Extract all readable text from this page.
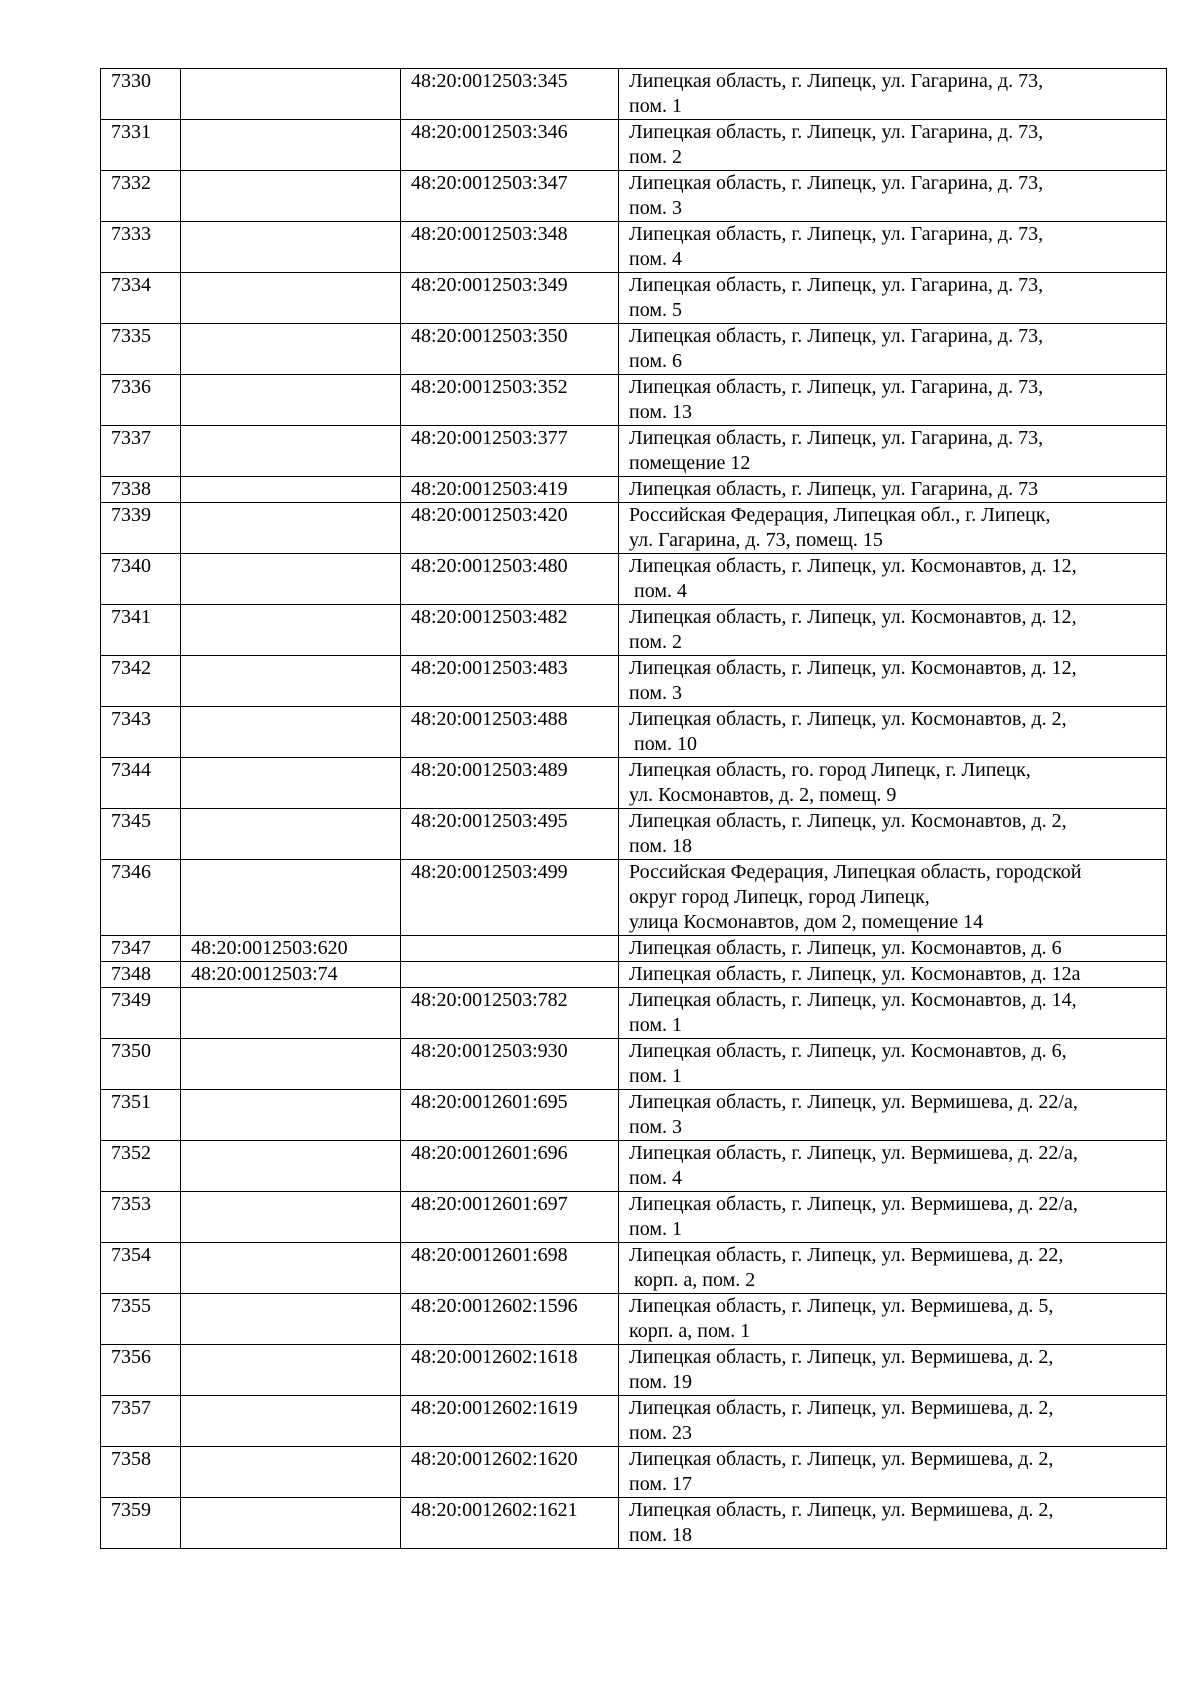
7330		48:20:0012503:345	Липецкая область, г. Липецк, ул. Гагарина, д. 73,
пом. 1

7331		48:20:0012503:346	Липецкая область, г. Липецк, ул. Гагарина, д. 73,
пом. 2

7332		48:20:0012503:347	Липецкая область, г. Липецк, ул. Гагарина, д. 73,
пом. 3

7333		48:20:0012503:348	Липецкая область, г. Липецк, ул. Гагарина, д. 73,
пом. 4

7334		48:20:0012503:349	Липецкая область, г. Липецк, ул. Гагарина, д. 73,
пом. 5

7335		48:20:0012503:350	Липецкая область, г. Липецк, ул. Гагарина, д. 73,
пом. 6

7336		48:20:0012503:352	Липецкая область, г. Липецк, ул. Гагарина, д. 73,
пом. 13

7337		48:20:0012503:377	Липецкая область, г. Липецк, ул. Гагарина, д. 73,
помещение 12

7338		48:20:0012503:419	Липецкая область, г. Липецк, ул. Гагарина, д. 73

7339		48:20:0012503:420	Российская Федерация, Липецкая обл., г. Липецк,
ул. Гагарина, д. 73, помещ. 15

7340		48:20:0012503:480	Липецкая область, г. Липецк, ул. Космонавтов, д. 12,
пом. 4

7341		48:20:0012503:482	Липецкая область, г. Липецк, ул. Космонавтов, д. 12,
пом. 2

7342		48:20:0012503:483	Липецкая область, г. Липецк, ул. Космонавтов, д. 12,
пом. 3

7343		48:20:0012503:488	Липецкая область, г. Липецк, ул. Космонавтов, д. 2,
пом. 10

7344		48:20:0012503:489	Липецкая область, го. город Липецк, г. Липецк,
ул. Космонавтов, д. 2, помещ. 9

7345		48:20:0012503:495	Липецкая область, г. Липецк, ул. Космонавтов, д. 2,
пом. 18

7346		48:20:0012503:499	Российская Федерация, Липецкая область, городской
округ город Липецк, город Липецк,
улица Космонавтов, дом 2, помещение 14

7347	48:20:0012503:620		Липецкая область, г. Липецк, ул. Космонавтов, д. 6

7348	48:20:0012503:74		Липецкая область, г. Липецк, ул. Космонавтов, д. 12а

7349		48:20:0012503:782	Липецкая область, г. Липецк, ул. Космонавтов, д. 14,
пом. 1

7350		48:20:0012503:930	Липецкая область, г. Липецк, ул. Космонавтов, д. 6,
пом. 1

7351		48:20:0012601:695	Липецкая область, г. Липецк, ул. Вермишева, д. 22/а,
пом. 3

7352		48:20:0012601:696	Липецкая область, г. Липецк, ул. Вермишева, д. 22/а,
пом. 4

7353		48:20:0012601:697	Липецкая область, г. Липецк, ул. Вермишева, д. 22/а,
пом. 1

7354		48:20:0012601:698	Липецкая область, г. Липецк, ул. Вермишева, д. 22,
корп. а, пом. 2

7355		48:20:0012602:1596	Липецкая область, г. Липецк, ул. Вермишева, д. 5,
корп. а, пом. 1

7356		48:20:0012602:1618	Липецкая область, г. Липецк, ул. Вермишева, д. 2,
пом. 19

7357		48:20:0012602:1619	Липецкая область, г. Липецк, ул. Вермишева, д. 2,
пом. 23

7358		48:20:0012602:1620	Липецкая область, г. Липецк, ул. Вермишева, д. 2,
пом. 17

7359		48:20:0012602:1621	Липецкая область, г. Липецк, ул. Вермишева, д. 2,
пом. 18
